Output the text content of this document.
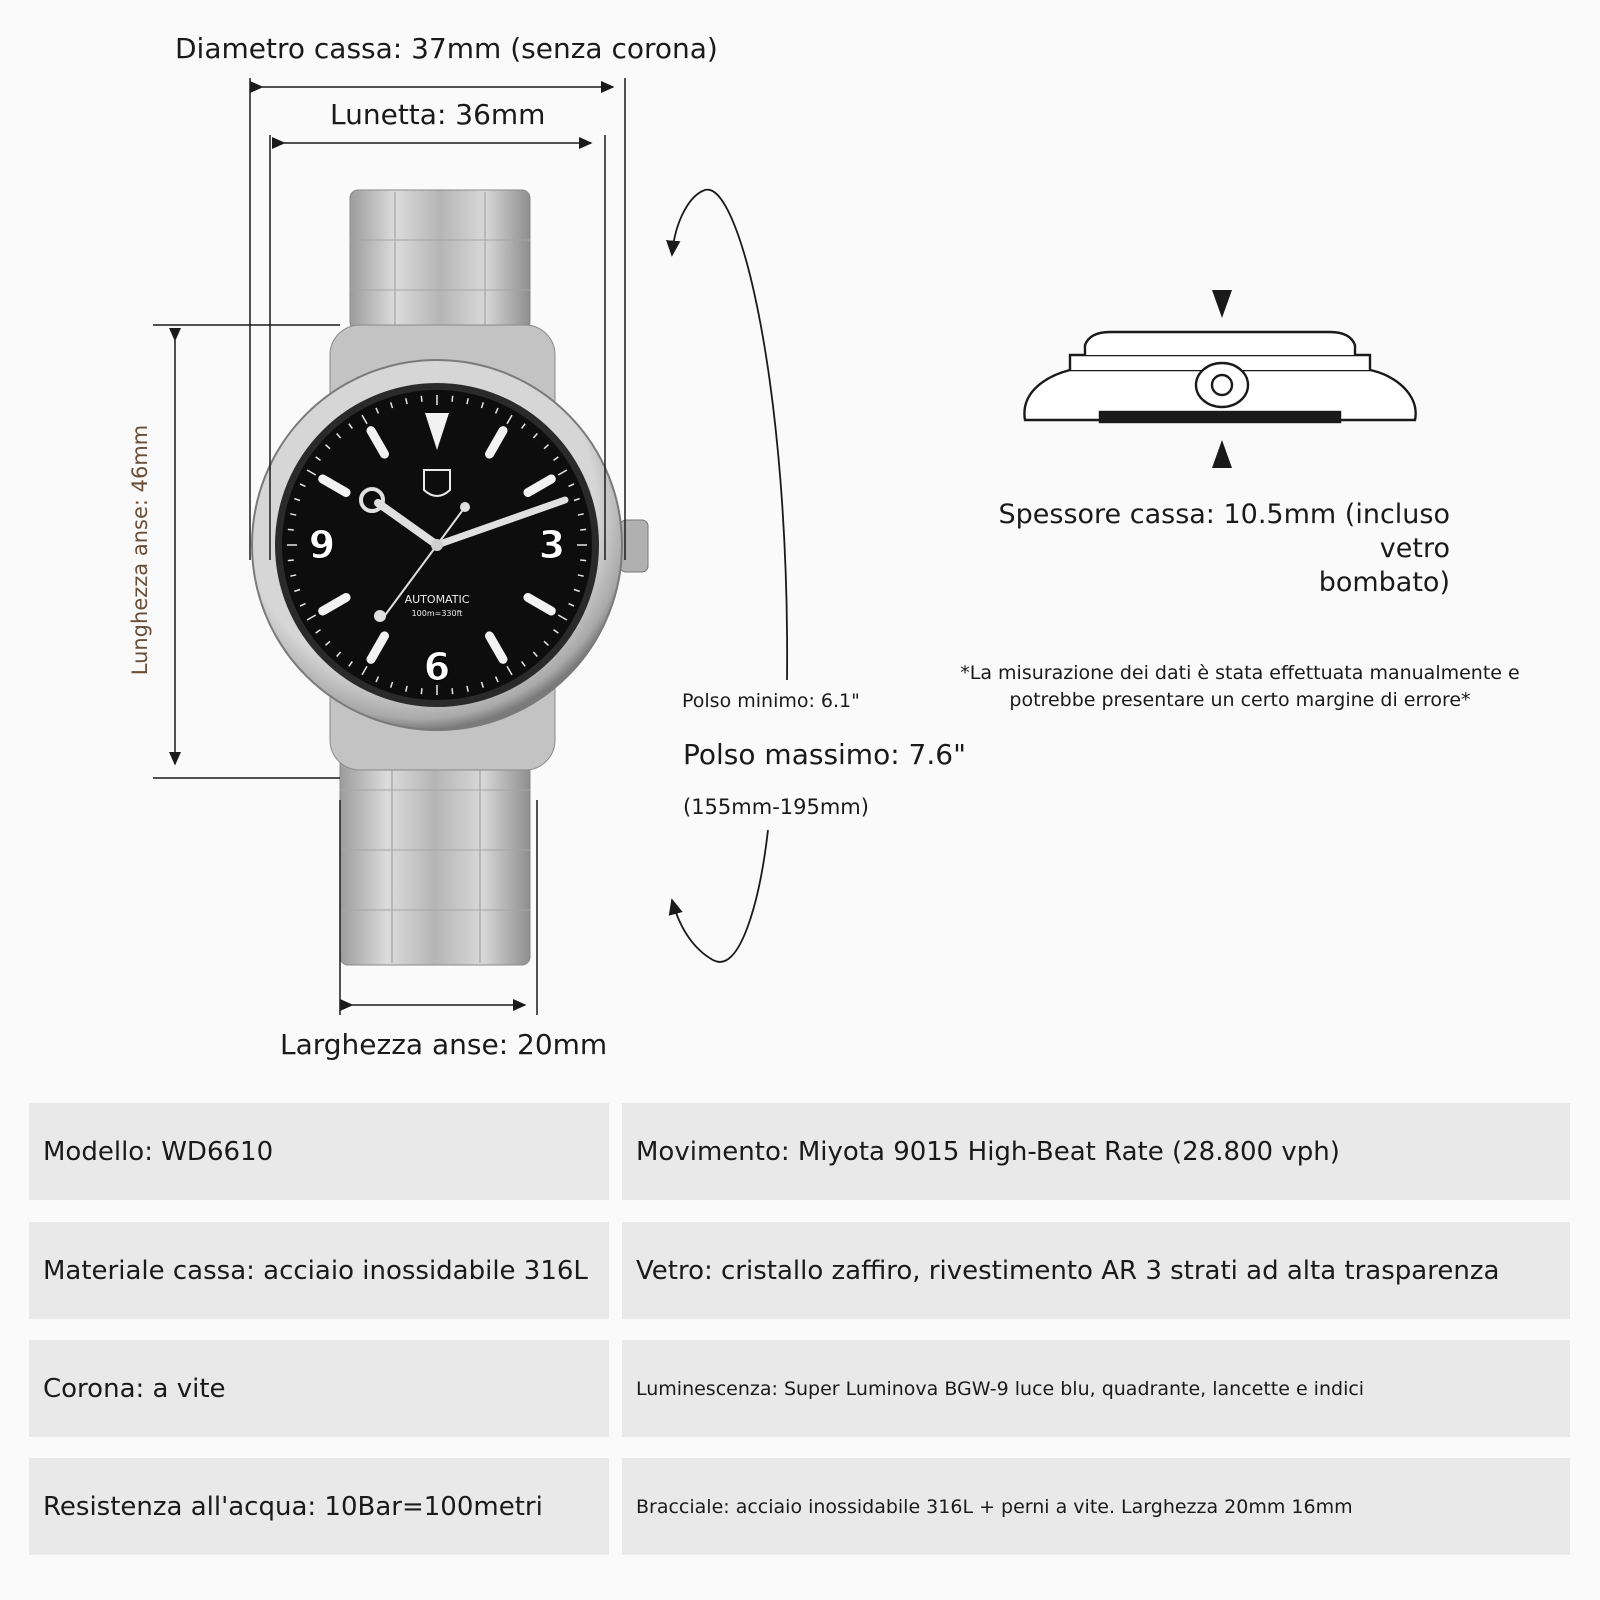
3
6
9
AUTOMATIC
100m=330ft
Diametro cassa: 37mm (senza corona)
Lunetta: 36mm
Lunghezza anse: 46mm
Larghezza anse: 20mm
Polso minimo: 6.1"
Polso massimo: 7.6"
(155mm-195mm)
Spessore cassa: 10.5mm (incluso vetro
bombato)
*La misurazione dei dati è stata effettuata manualmente e
potrebbe presentare un certo margine di errore*
Modello: WD6610	Movimento: Miyota 9015 High-Beat Rate (28.800 vph)
Materiale cassa: acciaio inossidabile 316L	Vetro: cristallo zaffiro, rivestimento AR 3 strati ad alta trasparenza
Corona: a vite	Luminescenza: Super Luminova BGW-9 luce blu, quadrante, lancette e indici
Resistenza all'acqua: 10Bar=100metri	Bracciale: acciaio inossidabile 316L + perni a vite. Larghezza 20mm 16mm
